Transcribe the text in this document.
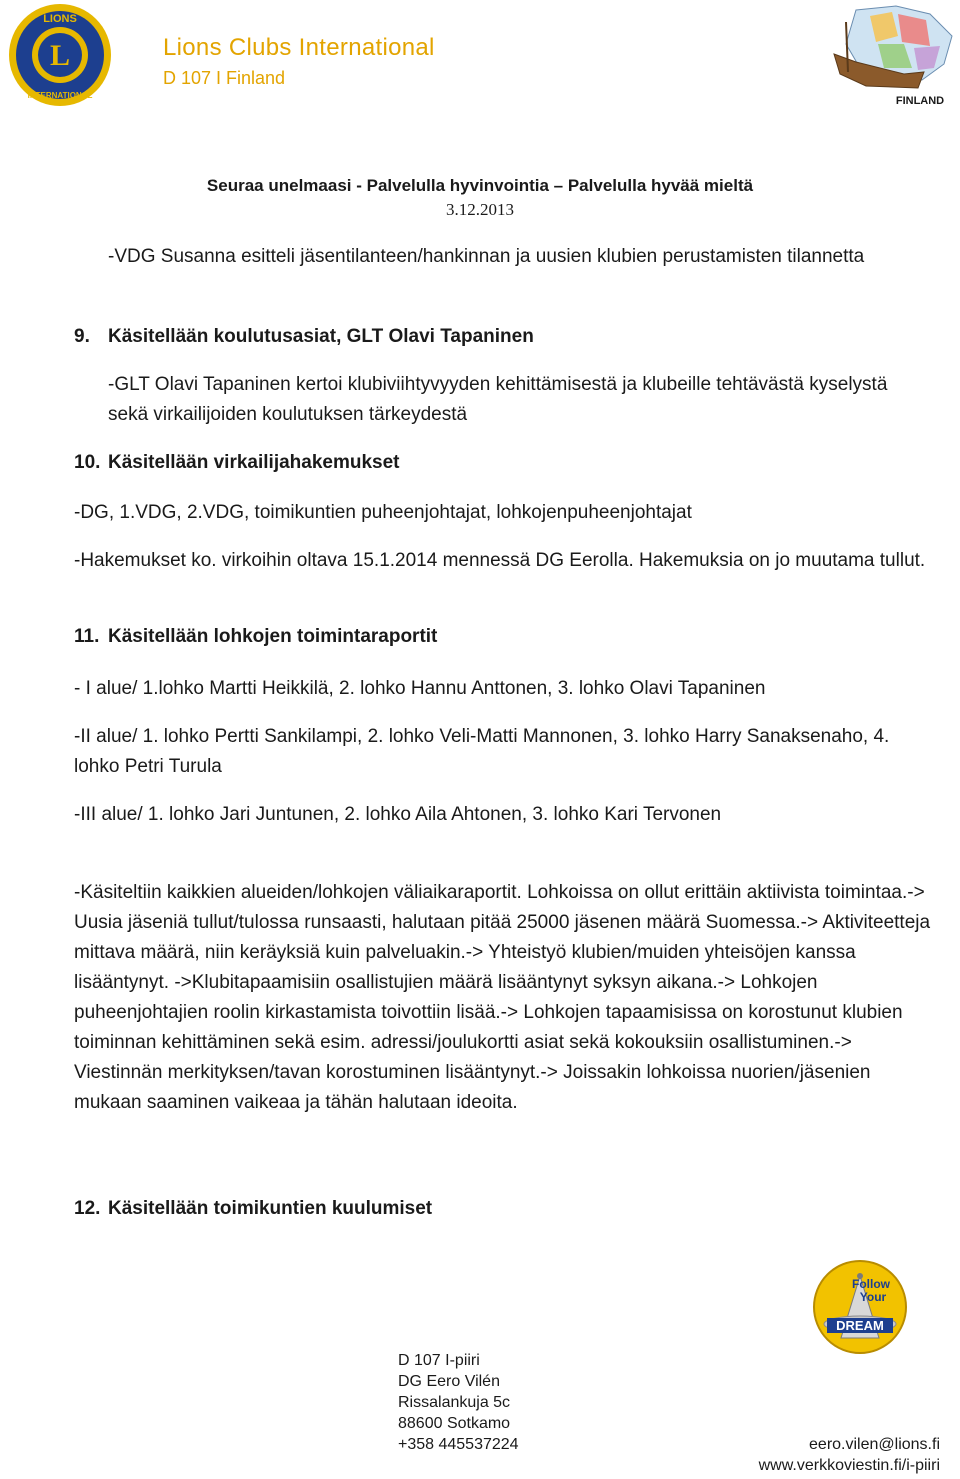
L
LIONS
INTERNATIONAL
Lions Clubs International
D 107 I Finland
FINLAND
Seuraa unelmaasi - Palvelulla hyvinvointia – Palvelulla hyvää mieltä
3.12.2013

-VDG Susanna esitteli jäsentilanteen/hankinnan ja uusien klubien perustamisten tilannetta

9. Käsitellään koulutusasiat, GLT Olavi Tapaninen

-GLT Olavi Tapaninen kertoi klubiviihtyvyyden kehittämisestä ja klubeille tehtävästä kyselystä sekä virkailijoiden koulutuksen tärkeydestä

10. Käsitellään virkailijahakemukset

-DG, 1.VDG, 2.VDG, toimikuntien puheenjohtajat, lohkojenpuheenjohtajat

-Hakemukset ko. virkoihin oltava 15.1.2014 mennessä DG Eerolla. Hakemuksia on jo muutama tullut.

11. Käsitellään lohkojen toimintaraportit

- I alue/ 1.lohko Martti Heikkilä, 2. lohko Hannu Anttonen, 3. lohko Olavi Tapaninen

-II alue/ 1. lohko Pertti Sankilampi, 2. lohko Veli-Matti Mannonen, 3. lohko Harry Sanaksenaho, 4. lohko Petri Turula

-III alue/ 1. lohko Jari Juntunen, 2. lohko Aila Ahtonen, 3. lohko Kari Tervonen

-Käsiteltiin kaikkien alueiden/lohkojen väliaikaraportit. Lohkoissa on ollut erittäin aktiivista toimintaa.-> Uusia jäseniä tullut/tulossa runsaasti, halutaan pitää 25000 jäsenen määrä Suomessa.-> Aktiviteetteja mittava määrä, niin keräyksiä kuin palveluakin.-> Yhteistyö klubien/muiden yhteisöjen kanssa lisääntynyt. ->Klubitapaamisiin osallistujien määrä lisääntynyt syksyn aikana.-> Lohkojen puheenjohtajien roolin kirkastamista toivottiin lisää.-> Lohkojen tapaamisissa on korostunut klubien toiminnan kehittäminen sekä esim. adressi/joulukortti asiat sekä kokouksiin osallistuminen.-> Viestinnän merkityksen/tavan korostuminen lisääntynyt.-> Joissakin lohkoissa nuorien/jäsenien mukaan saaminen vaikeaa ja tähän halutaan ideoita.

12. Käsitellään toimikuntien kuulumiset
Follow
Your
DREAM
D 107 I-piiri
DG Eero Vilén
Rissalankuja 5c
88600 Sotkamo
+358 445537224	eero.vilen@lions.fi
www.verkkoviestin.fi/i-piiri
